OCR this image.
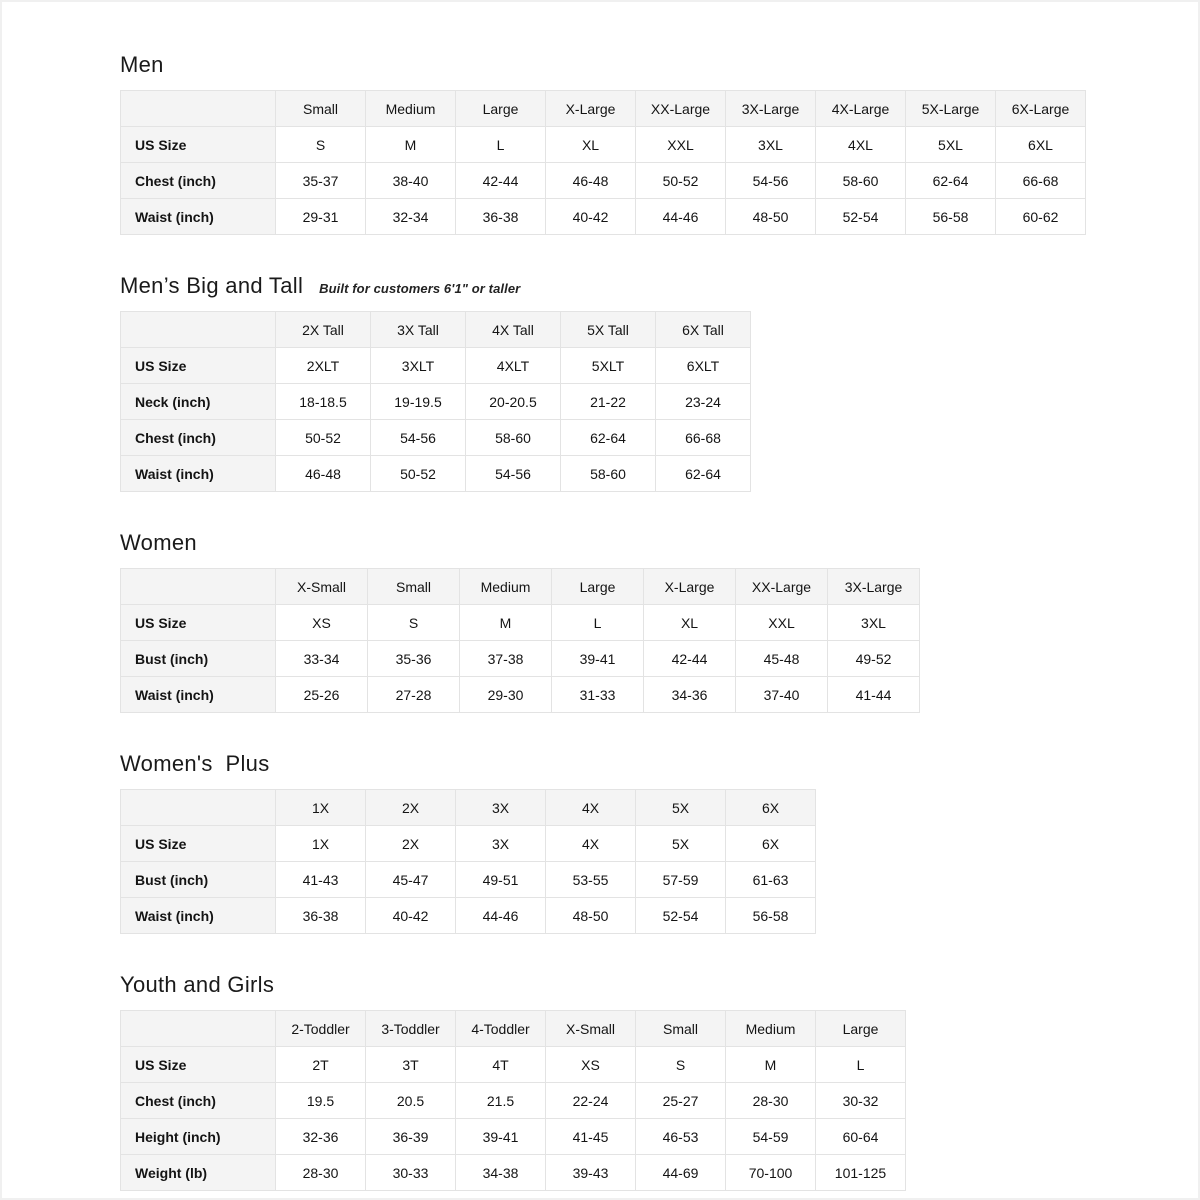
Men
	Small	Medium	Large	X-Large	XX-Large	3X-Large	4X-Large	5X-Large	6X-Large
US Size	S	M	L	XL	XXL	3XL	4XL	5XL	6XL
Chest (inch)	35-37	38-40	42-44	46-48	50-52	54-56	58-60	62-64	66-68
Waist (inch)	29-31	32-34	36-38	40-42	44-46	48-50	52-54	56-58	60-62
Men’s Big and Tall Built for customers 6'1" or taller
	2X Tall	3X Tall	4X Tall	5X Tall	6X Tall
US Size	2XLT	3XLT	4XLT	5XLT	6XLT
Neck (inch)	18-18.5	19-19.5	20-20.5	21-22	23-24
Chest (inch)	50-52	54-56	58-60	62-64	66-68
Waist (inch)	46-48	50-52	54-56	58-60	62-64
Women
	X-Small	Small	Medium	Large	X-Large	XX-Large	3X-Large
US Size	XS	S	M	L	XL	XXL	3XL
Bust (inch)	33-34	35-36	37-38	39-41	42-44	45-48	49-52
Waist (inch)	25-26	27-28	29-30	31-33	34-36	37-40	41-44
Women's  Plus
	1X	2X	3X	4X	5X	6X
US Size	1X	2X	3X	4X	5X	6X
Bust (inch)	41-43	45-47	49-51	53-55	57-59	61-63
Waist (inch)	36-38	40-42	44-46	48-50	52-54	56-58
Youth and Girls
	2-Toddler	3-Toddler	4-Toddler	X-Small	Small	Medium	Large
US Size	2T	3T	4T	XS	S	M	L
Chest (inch)	19.5	20.5	21.5	22-24	25-27	28-30	30-32
Height (inch)	32-36	36-39	39-41	41-45	46-53	54-59	60-64
Weight (lb)	28-30	30-33	34-38	39-43	44-69	70-100	101-125
